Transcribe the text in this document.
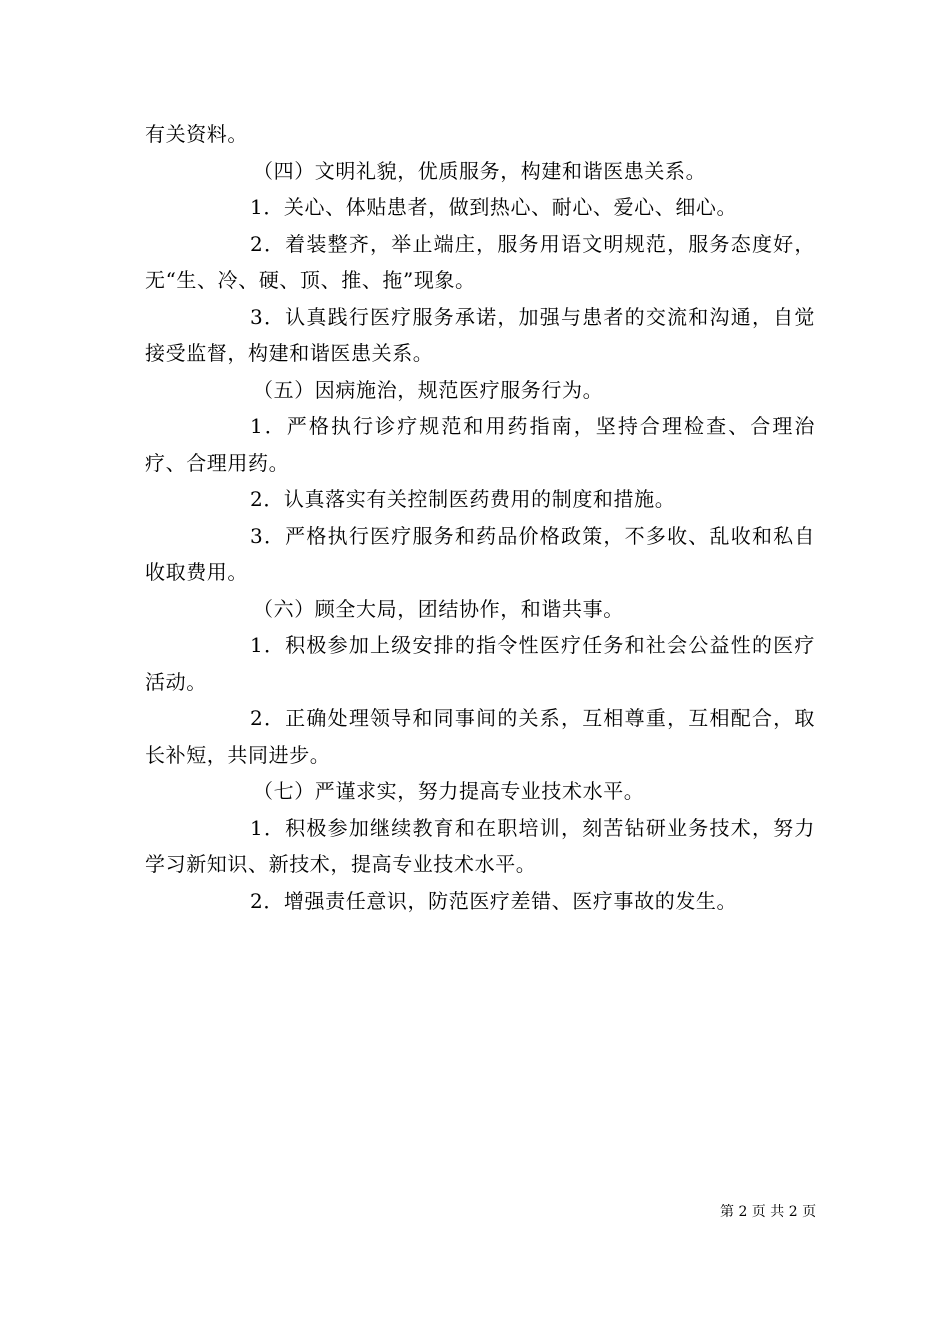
有关资料。

（四）文明礼貌，优质服务，构建和谐医患关系。

1．关心、体贴患者，做到热心、耐心、爱心、细心。

2．着装整齐，举止端庄，服务用语文明规范，服务态度好，无“生、冷、硬、顶、推、拖”现象。

3．认真践行医疗服务承诺，加强与患者的交流和沟通，自觉接受监督，构建和谐医患关系。

（五）因病施治，规范医疗服务行为。

1．严格执行诊疗规范和用药指南，坚持合理检查、合理治疗、合理用药。

2．认真落实有关控制医药费用的制度和措施。

3．严格执行医疗服务和药品价格政策，不多收、乱收和私自收取费用。

（六）顾全大局，团结协作，和谐共事。

1．积极参加上级安排的指令性医疗任务和社会公益性的医疗活动。

2．正确处理领导和同事间的关系，互相尊重，互相配合，取长补短，共同进步。

（七）严谨求实，努力提高专业技术水平。

1．积极参加继续教育和在职培训，刻苦钻研业务技术，努力学习新知识、新技术，提高专业技术水平。

2．增强责任意识，防范医疗差错、医疗事故的发生。

第 2 页 共 2 页
